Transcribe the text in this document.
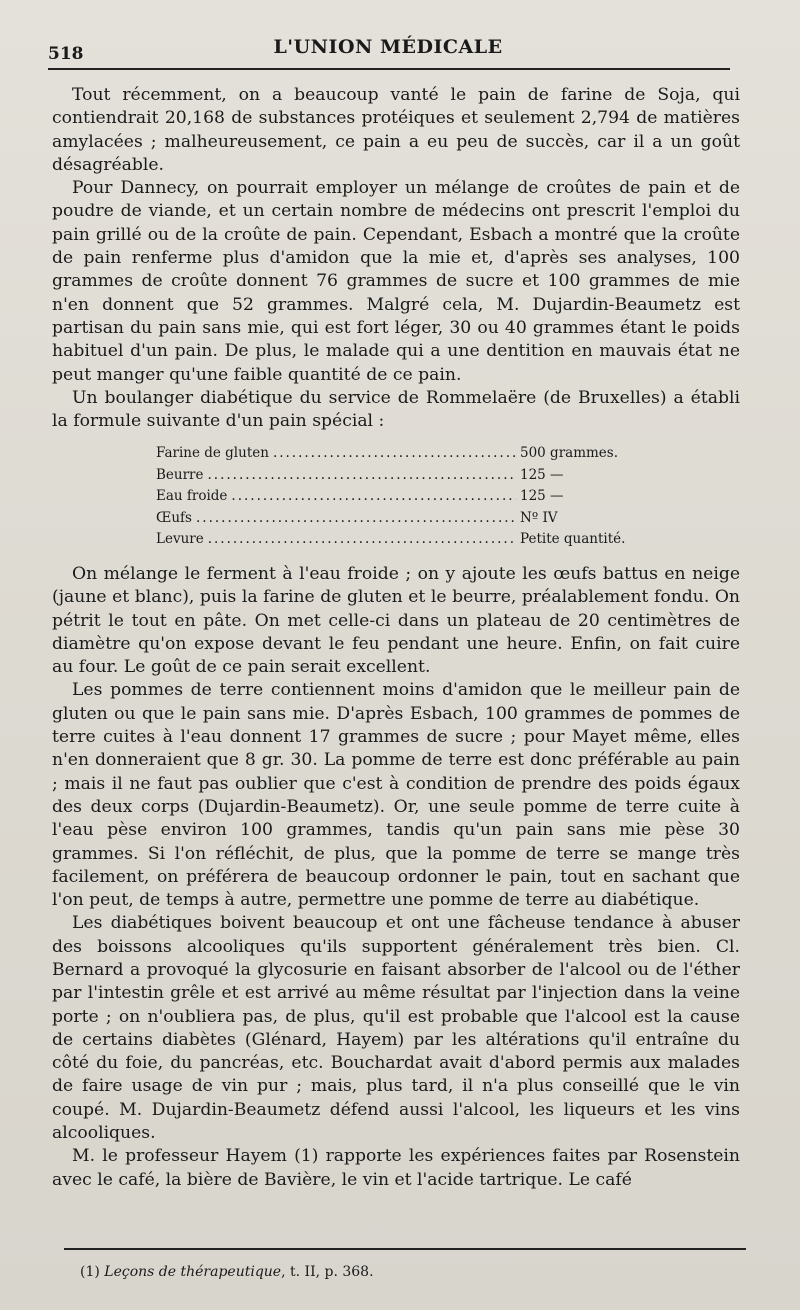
518	L'UNION MÉDICALE

Tout récemment, on a beaucoup vanté le pain de farine de Soja, qui contiendrait 20,168 de substances protéiques et seulement 2,794 de matières amylacées ; malheureusement, ce pain a eu peu de succès, car il a un goût désagréable.

Pour Dannecy, on pourrait employer un mélange de croûtes de pain et de poudre de viande, et un certain nombre de médecins ont prescrit l'emploi du pain grillé ou de la croûte de pain. Cependant, Esbach a montré que la croûte de pain renferme plus d'amidon que la mie et, d'après ses analyses, 100 grammes de croûte donnent 76 grammes de sucre et 100 grammes de mie n'en donnent que 52 grammes. Malgré cela, M. Dujardin-Beaumetz est partisan du pain sans mie, qui est fort léger, 30 ou 40 grammes étant le poids habituel d'un pain. De plus, le malade qui a une dentition en mauvais état ne peut manger qu'une faible quantité de ce pain.

Un boulanger diabétique du service de Rommelaëre (de Bruxelles) a établi la formule suivante d'un pain spécial :

Farine de gluten .....	500 grammes.
Beurre .....	125 —
Eau froide .....	125 —
Œufs .....	Nº IV
Levure .....	Petite quantité.

On mélange le ferment à l'eau froide ; on y ajoute les œufs battus en neige (jaune et blanc), puis la farine de gluten et le beurre, préalablement fondu. On pétrit le tout en pâte. On met celle-ci dans un plateau de 20 centimètres de diamètre qu'on expose devant le feu pendant une heure. Enfin, on fait cuire au four. Le goût de ce pain serait excellent.

Les pommes de terre contiennent moins d'amidon que le meilleur pain de gluten ou que le pain sans mie. D'après Esbach, 100 grammes de pommes de terre cuites à l'eau donnent 17 grammes de sucre ; pour Mayet même, elles n'en donneraient que 8 gr. 30. La pomme de terre est donc préférable au pain ; mais il ne faut pas oublier que c'est à condition de prendre des poids égaux des deux corps (Dujardin-Beaumetz). Or, une seule pomme de terre cuite à l'eau pèse environ 100 grammes, tandis qu'un pain sans mie pèse 30 grammes. Si l'on réfléchit, de plus, que la pomme de terre se mange très facilement, on préférera de beaucoup ordonner le pain, tout en sachant que l'on peut, de temps à autre, permettre une pomme de terre au diabétique.

Les diabétiques boivent beaucoup et ont une fâcheuse tendance à abuser des boissons alcooliques qu'ils supportent généralement très bien. Cl. Bernard a provoqué la glycosurie en faisant absorber de l'alcool ou de l'éther par l'intestin grêle et est arrivé au même résultat par l'injection dans la veine porte ; on n'oubliera pas, de plus, qu'il est probable que l'alcool est la cause de certains diabètes (Glénard, Hayem) par les altérations qu'il entraîne du côté du foie, du pancréas, etc. Bouchardat avait d'abord permis aux malades de faire usage de vin pur ; mais, plus tard, il n'a plus conseillé que le vin coupé. M. Dujardin-Beaumetz défend aussi l'alcool, les liqueurs et les vins alcooliques.

M. le professeur Hayem (1) rapporte les expériences faites par Rosenstein avec le café, la bière de Bavière, le vin et l'acide tartrique. Le café

(1) Leçons de thérapeutique, t. II, p. 368.
